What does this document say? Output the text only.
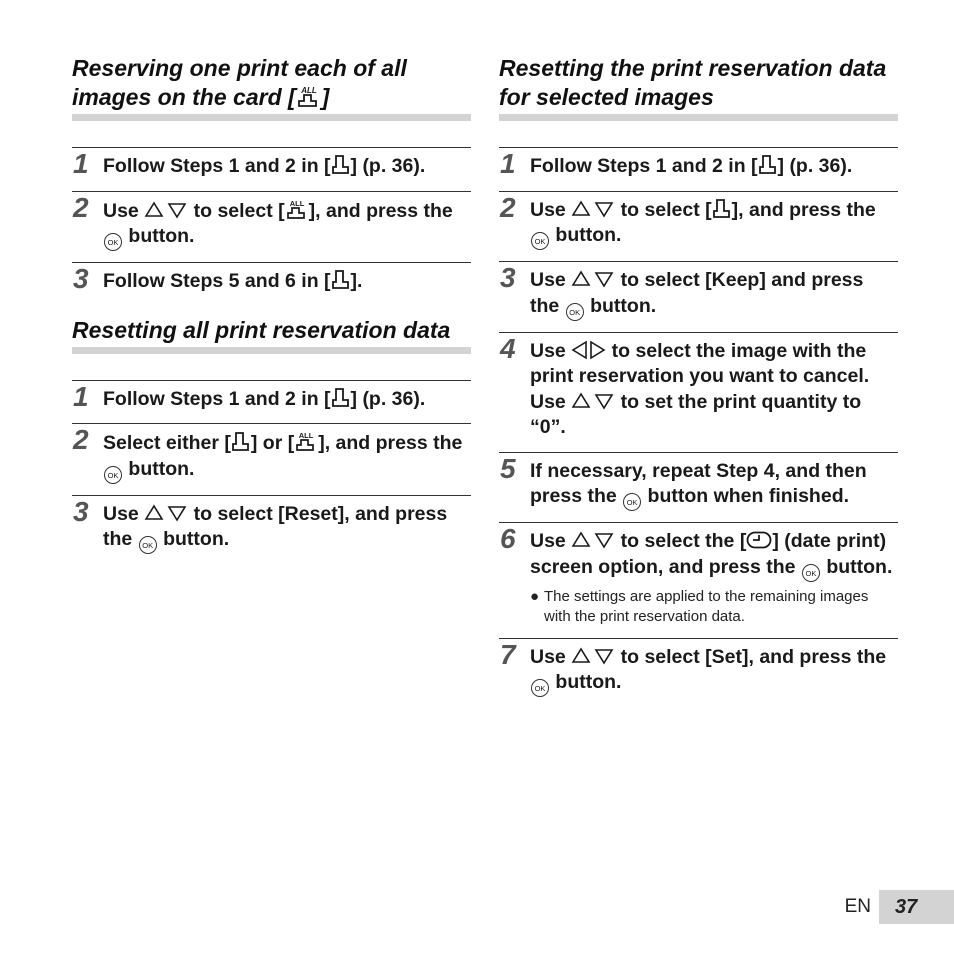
Reserving one print each of all images on the card [ ALL ]
1 Follow Steps 1 and 2 in [ ] (p. 36).
2 Use	to select [ ALL ], and press the OK button.
3 Follow Steps 5 and 6 in [ ].
Resetting all print reservation data
1 Follow Steps 1 and 2 in [ ] (p. 36).
2 Select either [ ] or [ ALL ], and press the OK button.
3 Use	to select [Reset], and press the OK button.
Resetting the print reservation data for selected images
1 Follow Steps 1 and 2 in [ ] (p. 36).
2 Use	to select [ ], and press the OK button.
3 Use	to select [Keep] and press the OK button.
4 Use to select the image with the print reservation you want to cancel. Use	to set the print quantity to “0”.
5 If necessary, repeat Step 4, and then press the OK button when finished.
6 Use	to select the [ ] (date print) screen option, and press the OK button.
● The settings are applied to the remaining images with the print reservation data.
7 Use	to select [Set], and press the OK button.
EN	37
